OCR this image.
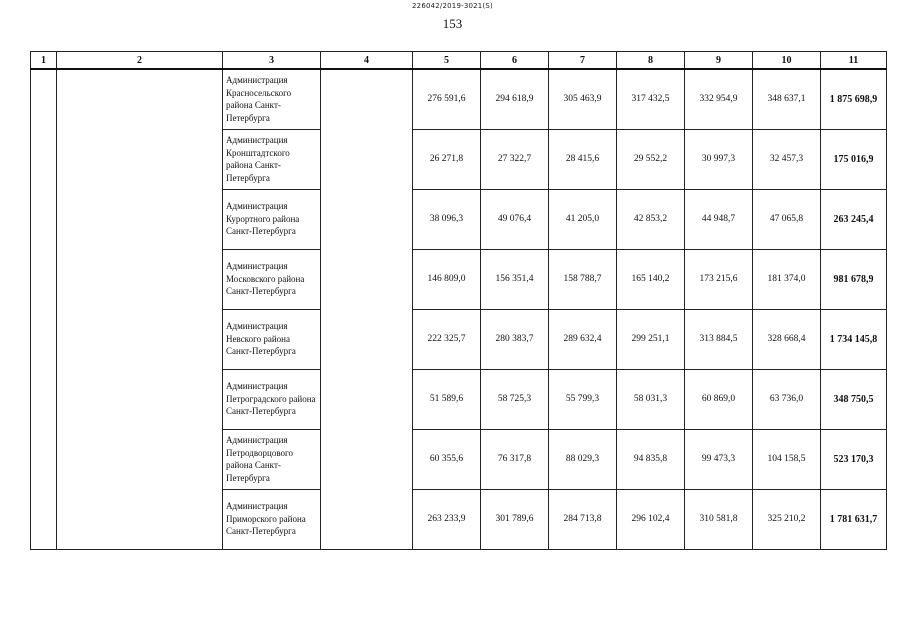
226042/2019-3021(S)
153
1	2	3	4	5	6	7	8	9	10	11
		Администрация Красносельского района Санкт-Петербурга		276 591,6	294 618,9	305 463,9	317 432,5	332 954,9	348 637,1	1 875 698,9
		Администрация Кронштадтского района Санкт-Петербурга		26 271,8	27 322,7	28 415,6	29 552,2	30 997,3	32 457,3	175 016,9
		Администрация Курортного района Санкт-Петербурга		38 096,3	49 076,4	41 205,0	42 853,2	44 948,7	47 065,8	263 245,4
		Администрация Московского района Санкт-Петербурга		146 809,0	156 351,4	158 788,7	165 140,2	173 215,6	181 374,0	981 678,9
		Администрация Невского района Санкт-Петербурга		222 325,7	280 383,7	289 632,4	299 251,1	313 884,5	328 668,4	1 734 145,8
		Администрация Петроградского района Санкт-Петербурга		51 589,6	58 725,3	55 799,3	58 031,3	60 869,0	63 736,0	348 750,5
		Администрация Петродворцового района Санкт-Петербурга		60 355,6	76 317,8	88 029,3	94 835,8	99 473,3	104 158,5	523 170,3
		Администрация Приморского района Санкт-Петербурга		263 233,9	301 789,6	284 713,8	296 102,4	310 581,8	325 210,2	1 781 631,7
